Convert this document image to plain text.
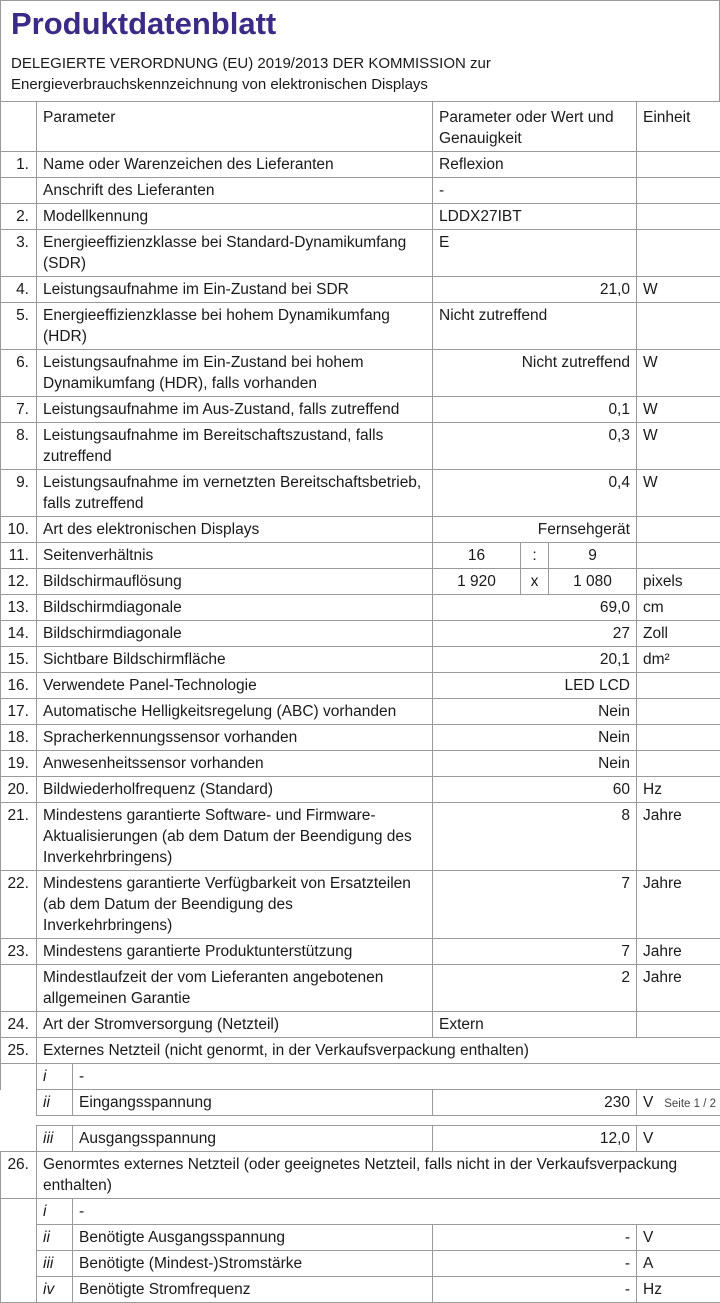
Produktdatenblatt
DELEGIERTE VERORDNUNG (EU) 2019/2013 DER KOMMISSION zur
Energieverbrauchskennzeichnung von elektronischen Displays
	Parameter		Parameter oder Wert und Genauigkeit			Einheit
1.	Name oder Warenzeichen des Lieferanten		Reflexion			
	Anschrift des Lieferanten		-			
2.	Modellkennung		LDDX27IBT			
3.	Energieeffizienzklasse bei Standard-Dynamikumfang (SDR)		E			
4.	Leistungsaufnahme im Ein-Zustand bei SDR		21,0			W
5.	Energieeffizienzklasse bei hohem Dynamikumfang (HDR)		Nicht zutreffend			
6.	Leistungsaufnahme im Ein-Zustand bei hohem Dynamikumfang (HDR), falls vorhanden		Nicht zutreffend			W
7.	Leistungsaufnahme im Aus-Zustand, falls zutreffend		0,1			W
8.	Leistungsaufnahme im Bereitschaftszustand, falls zutreffend		0,3			W
9.	Leistungsaufnahme im vernetzten Bereitschaftsbetrieb, falls zutreffend		0,4			W
10.	Art des elektronischen Displays		Fernsehgerät			
11.	Seitenverhältnis		16	:	9	
12.	Bildschirmauflösung		1 920	x	1 080	pixels
13.	Bildschirmdiagonale		69,0			cm
14.	Bildschirmdiagonale		27			Zoll
15.	Sichtbare Bildschirmfläche		20,1			dm²
16.	Verwendete Panel-Technologie		LED LCD			
17.	Automatische Helligkeitsregelung (ABC) vorhanden		Nein			
18.	Spracherkennungssensor vorhanden		Nein			
19.	Anwesenheitssensor vorhanden		Nein			
20.	Bildwiederholfrequenz (Standard)		60			Hz
21.	Mindestens garantierte Software- und Firmware-Aktualisierungen (ab dem Datum der Beendigung des Inverkehrbringens)		8			Jahre
22.	Mindestens garantierte Verfügbarkeit von Ersatzteilen (ab dem Datum der Beendigung des Inverkehrbringens)		7			Jahre
23.	Mindestens garantierte Produktunterstützung		7			Jahre
	Mindestlaufzeit der vom Lieferanten angebotenen allgemeinen Garantie		2			Jahre
24.	Art der Stromversorgung (Netzteil)		Extern			
25.	Externes Netzteil (nicht genormt, in der Verkaufsverpackung enthalten)					
	i	-				
	ii	Eingangsspannung	230			V Seite 1 / 2
	iii	Ausgangsspannung	12,0	V
26.	Genormtes externes Netzteil (oder geeignetes Netzteil, falls nicht in der Verkaufsverpackung enthalten)			
	i	-		
	ii	Benötigte Ausgangsspannung	-	V
	iii	Benötigte (Mindest-)Stromstärke	-	A
	iv	Benötigte Stromfrequenz	-	Hz
